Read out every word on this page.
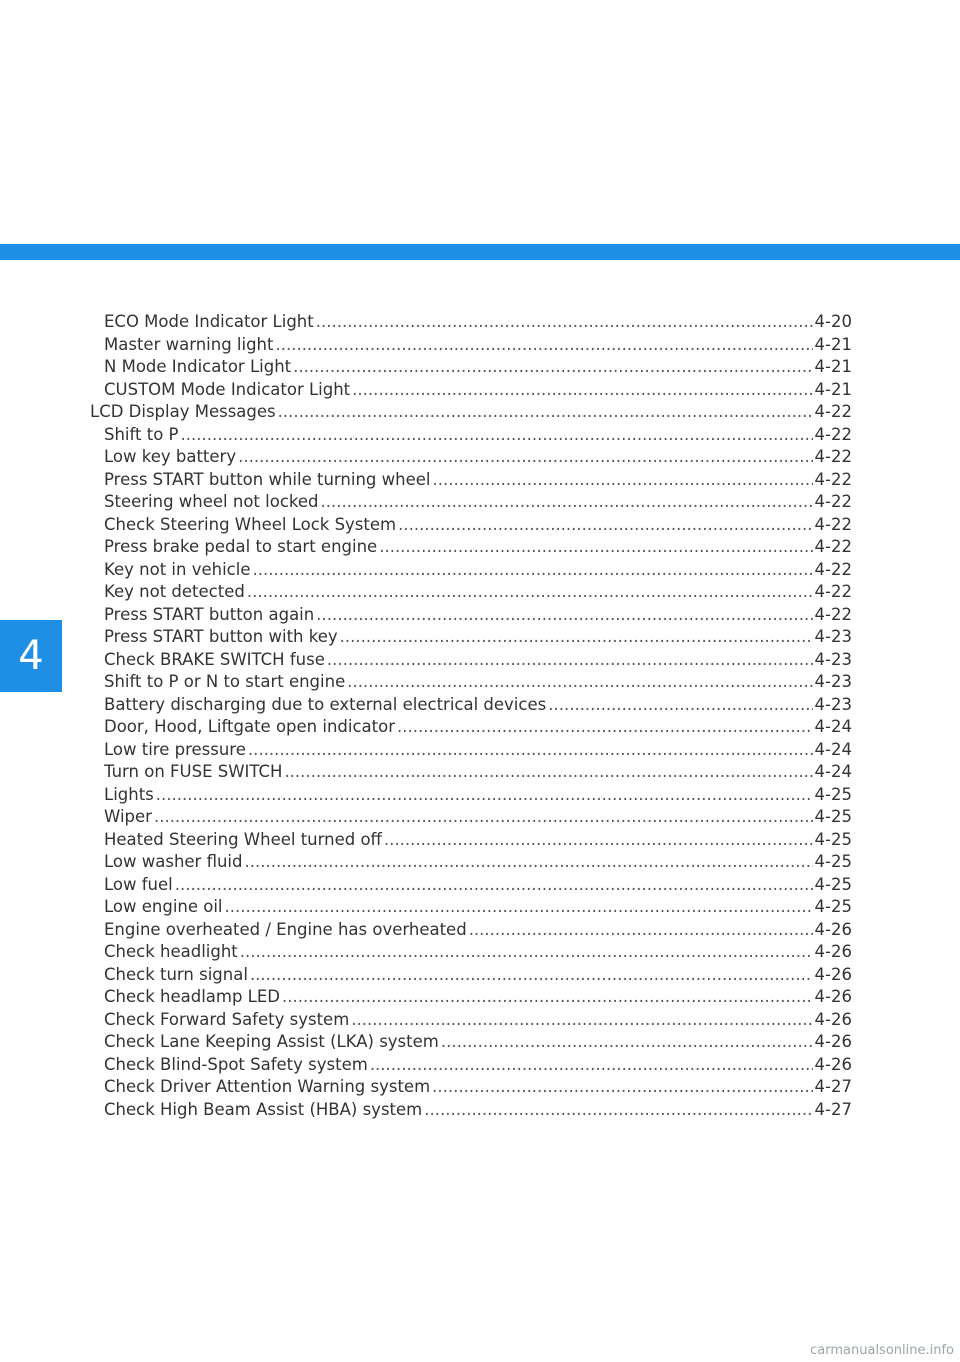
4
ECO Mode Indicator Light .....	4-20
Master warning light .....	4-21
N Mode Indicator Light .....	4-21
CUSTOM Mode Indicator Light .....	4-21
LCD Display Messages .....	4-22
Shift to P .....	4-22
Low key battery .....	4-22
Press START button while turning wheel .....	4-22
Steering wheel not locked .....	4-22
Check Steering Wheel Lock System .....	4-22
Press brake pedal to start engine .....	4-22
Key not in vehicle .....	4-22
Key not detected .....	4-22
Press START button again .....	4-22
Press START button with key .....	4-23
Check BRAKE SWITCH fuse .....	4-23
Shift to P or N to start engine .....	4-23
Battery discharging due to external electrical devices .....	4-23
Door, Hood, Liftgate open indicator .....	4-24
Low tire pressure .....	4-24
Turn on FUSE SWITCH .....	4-24
Lights .....	4-25
Wiper .....	4-25
Heated Steering Wheel turned off .....	4-25
Low washer fluid .....	4-25
Low fuel .....	4-25
Low engine oil .....	4-25
Engine overheated / Engine has overheated .....	4-26
Check headlight .....	4-26
Check turn signal .....	4-26
Check headlamp LED .....	4-26
Check Forward Safety system .....	4-26
Check Lane Keeping Assist (LKA) system .....	4-26
Check Blind-Spot Safety system .....	4-26
Check Driver Attention Warning system .....	4-27
Check High Beam Assist (HBA) system .....	4-27
carmanualsonline.info
